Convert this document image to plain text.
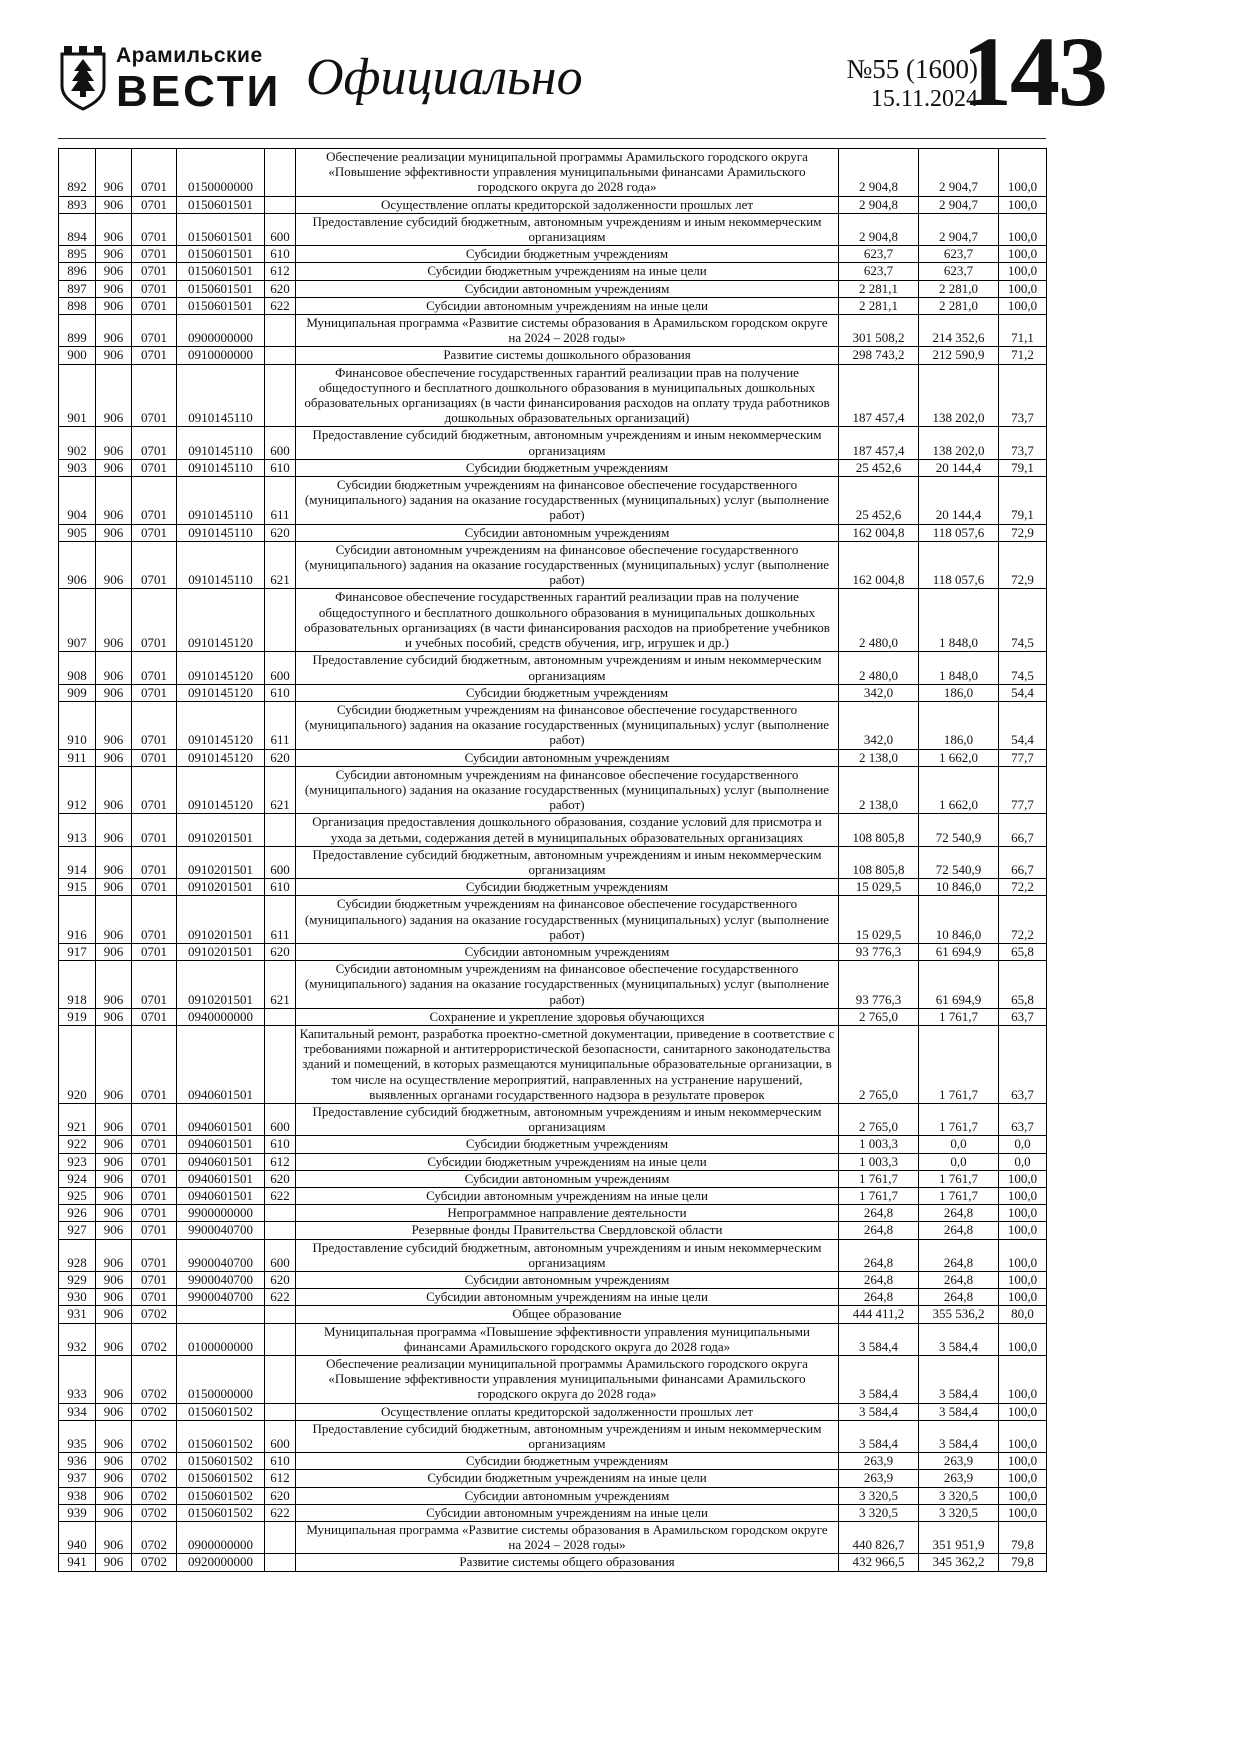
Арамильские
ВЕСТИ Официально	№55 (1600)
15.11.2024
143
892	906	0701	0150000000		Обеспечение реализации муниципальной программы Арамильского городского округа «Повышение эффективности управления муниципальными финансами Арамильского городского округа до 2028 года»	2 904,8	2 904,7	100,0
893	906	0701	0150601501		Осуществление оплаты кредиторской задолженности прошлых лет	2 904,8	2 904,7	100,0
894	906	0701	0150601501	600	Предоставление субсидий бюджетным, автономным учреждениям и иным некоммерческим организациям	2 904,8	2 904,7	100,0
895	906	0701	0150601501	610	Субсидии бюджетным учреждениям	623,7	623,7	100,0
896	906	0701	0150601501	612	Субсидии бюджетным учреждениям на иные цели	623,7	623,7	100,0
897	906	0701	0150601501	620	Субсидии автономным учреждениям	2 281,1	2 281,0	100,0
898	906	0701	0150601501	622	Субсидии автономным учреждениям на иные цели	2 281,1	2 281,0	100,0
899	906	0701	0900000000		Муниципальная программа «Развитие системы образования в Арамильском городском округе на 2024 – 2028 годы»	301 508,2	214 352,6	71,1
900	906	0701	0910000000		Развитие системы дошкольного образования	298 743,2	212 590,9	71,2
901	906	0701	0910145110		Финансовое обеспечение государственных гарантий реализации прав на получение общедоступного и бесплатного дошкольного образования в муниципальных дошкольных образовательных организациях (в части финансирования расходов на оплату труда работников дошкольных образовательных организаций)	187 457,4	138 202,0	73,7
902	906	0701	0910145110	600	Предоставление субсидий бюджетным, автономным учреждениям и иным некоммерческим организациям	187 457,4	138 202,0	73,7
903	906	0701	0910145110	610	Субсидии бюджетным учреждениям	25 452,6	20 144,4	79,1
904	906	0701	0910145110	611	Субсидии бюджетным учреждениям на финансовое обеспечение государственного (муниципального) задания на оказание государственных (муниципальных) услуг (выполнение работ)	25 452,6	20 144,4	79,1
905	906	0701	0910145110	620	Субсидии автономным учреждениям	162 004,8	118 057,6	72,9
906	906	0701	0910145110	621	Субсидии автономным учреждениям на финансовое обеспечение государственного (муниципального) задания на оказание государственных (муниципальных) услуг (выполнение работ)	162 004,8	118 057,6	72,9
907	906	0701	0910145120		Финансовое обеспечение государственных гарантий реализации прав на получение общедоступного и бесплатного дошкольного образования в муниципальных дошкольных образовательных организациях (в части финансирования расходов на приобретение учебников и учебных пособий, средств обучения, игр, игрушек и др.)	2 480,0	1 848,0	74,5
908	906	0701	0910145120	600	Предоставление субсидий бюджетным, автономным учреждениям и иным некоммерческим организациям	2 480,0	1 848,0	74,5
909	906	0701	0910145120	610	Субсидии бюджетным учреждениям	342,0	186,0	54,4
910	906	0701	0910145120	611	Субсидии бюджетным учреждениям на финансовое обеспечение государственного (муниципального) задания на оказание государственных (муниципальных) услуг (выполнение работ)	342,0	186,0	54,4
911	906	0701	0910145120	620	Субсидии автономным учреждениям	2 138,0	1 662,0	77,7
912	906	0701	0910145120	621	Субсидии автономным учреждениям на финансовое обеспечение государственного (муниципального) задания на оказание государственных (муниципальных) услуг (выполнение работ)	2 138,0	1 662,0	77,7
913	906	0701	0910201501		Организация предоставления дошкольного образования, создание условий для присмотра и ухода за детьми, содержания детей в муниципальных образовательных организациях	108 805,8	72 540,9	66,7
914	906	0701	0910201501	600	Предоставление субсидий бюджетным, автономным учреждениям и иным некоммерческим организациям	108 805,8	72 540,9	66,7
915	906	0701	0910201501	610	Субсидии бюджетным учреждениям	15 029,5	10 846,0	72,2
916	906	0701	0910201501	611	Субсидии бюджетным учреждениям на финансовое обеспечение государственного (муниципального) задания на оказание государственных (муниципальных) услуг (выполнение работ)	15 029,5	10 846,0	72,2
917	906	0701	0910201501	620	Субсидии автономным учреждениям	93 776,3	61 694,9	65,8
918	906	0701	0910201501	621	Субсидии автономным учреждениям на финансовое обеспечение государственного (муниципального) задания на оказание государственных (муниципальных) услуг (выполнение работ)	93 776,3	61 694,9	65,8
919	906	0701	0940000000		Сохранение и укрепление здоровья обучающихся	2 765,0	1 761,7	63,7
920	906	0701	0940601501		Капитальный ремонт, разработка проектно-сметной документации, приведение в соответствие с требованиями пожарной и антитеррористической безопасности, санитарного законодательства зданий и помещений, в которых размещаются муниципальные образовательные организации, в том числе на осуществление мероприятий, направленных на устранение нарушений, выявленных органами государственного надзора в результате проверок	2 765,0	1 761,7	63,7
921	906	0701	0940601501	600	Предоставление субсидий бюджетным, автономным учреждениям и иным некоммерческим организациям	2 765,0	1 761,7	63,7
922	906	0701	0940601501	610	Субсидии бюджетным учреждениям	1 003,3	0,0	0,0
923	906	0701	0940601501	612	Субсидии бюджетным учреждениям на иные цели	1 003,3	0,0	0,0
924	906	0701	0940601501	620	Субсидии автономным учреждениям	1 761,7	1 761,7	100,0
925	906	0701	0940601501	622	Субсидии автономным учреждениям на иные цели	1 761,7	1 761,7	100,0
926	906	0701	9900000000		Непрограммное направление деятельности	264,8	264,8	100,0
927	906	0701	9900040700		Резервные фонды Правительства Свердловской области	264,8	264,8	100,0
928	906	0701	9900040700	600	Предоставление субсидий бюджетным, автономным учреждениям и иным некоммерческим организациям	264,8	264,8	100,0
929	906	0701	9900040700	620	Субсидии автономным учреждениям	264,8	264,8	100,0
930	906	0701	9900040700	622	Субсидии автономным учреждениям на иные цели	264,8	264,8	100,0
931	906	0702			Общее образование	444 411,2	355 536,2	80,0
932	906	0702	0100000000		Муниципальная программа «Повышение эффективности управления муниципальными финансами Арамильского городского округа до 2028 года»	3 584,4	3 584,4	100,0
933	906	0702	0150000000		Обеспечение реализации муниципальной программы Арамильского городского округа «Повышение эффективности управления муниципальными финансами Арамильского городского округа до 2028 года»	3 584,4	3 584,4	100,0
934	906	0702	0150601502		Осуществление оплаты кредиторской задолженности прошлых лет	3 584,4	3 584,4	100,0
935	906	0702	0150601502	600	Предоставление субсидий бюджетным, автономным учреждениям и иным некоммерческим организациям	3 584,4	3 584,4	100,0
936	906	0702	0150601502	610	Субсидии бюджетным учреждениям	263,9	263,9	100,0
937	906	0702	0150601502	612	Субсидии бюджетным учреждениям на иные цели	263,9	263,9	100,0
938	906	0702	0150601502	620	Субсидии автономным учреждениям	3 320,5	3 320,5	100,0
939	906	0702	0150601502	622	Субсидии автономным учреждениям на иные цели	3 320,5	3 320,5	100,0
940	906	0702	0900000000		Муниципальная программа «Развитие системы образования в Арамильском городском округе на 2024 – 2028 годы»	440 826,7	351 951,9	79,8
941	906	0702	0920000000		Развитие системы общего образования	432 966,5	345 362,2	79,8
